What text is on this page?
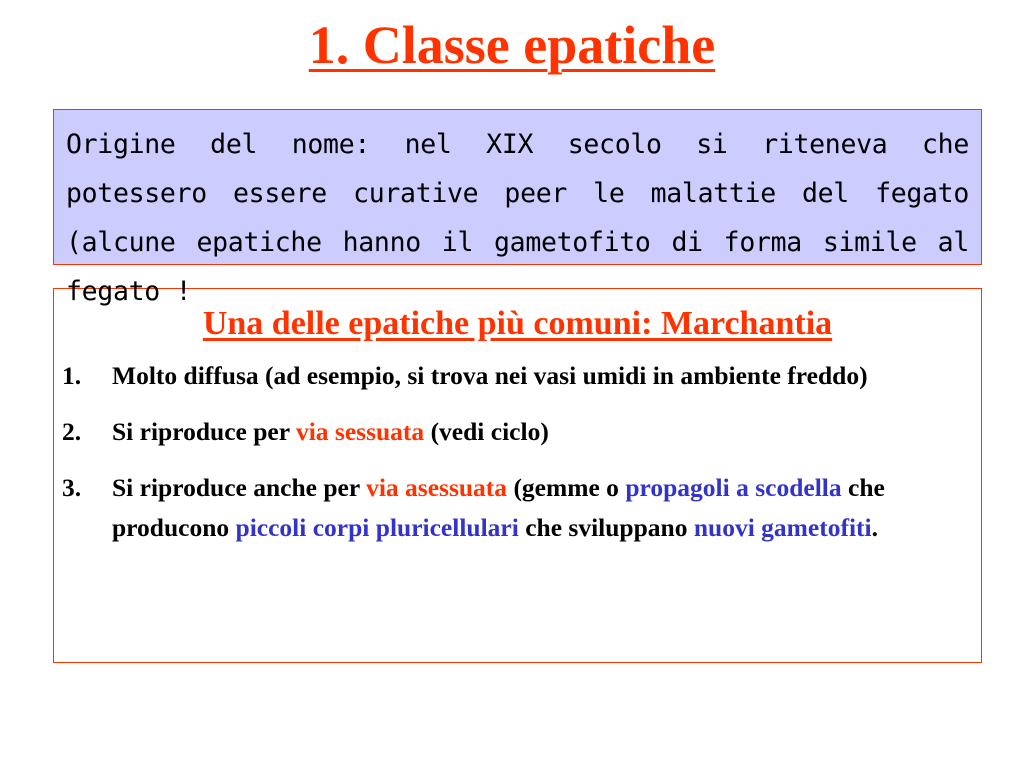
1. Classe epatiche

Origine del nome: nel XIX secolo si riteneva che potessero essere curative peer le malattie del fegato (alcune epatiche hanno il gametofito di forma simile al fegato !

Una delle epatiche più comuni: Marchantia
1. Molto diffusa (ad esempio, si trova nei vasi umidi in ambiente freddo)
2. Si riproduce per via sessuata (vedi ciclo)
3. Si riproduce anche per via asessuata (gemme o propagoli a scodella che producono piccoli corpi pluricellulari che sviluppano nuovi gametofiti.
